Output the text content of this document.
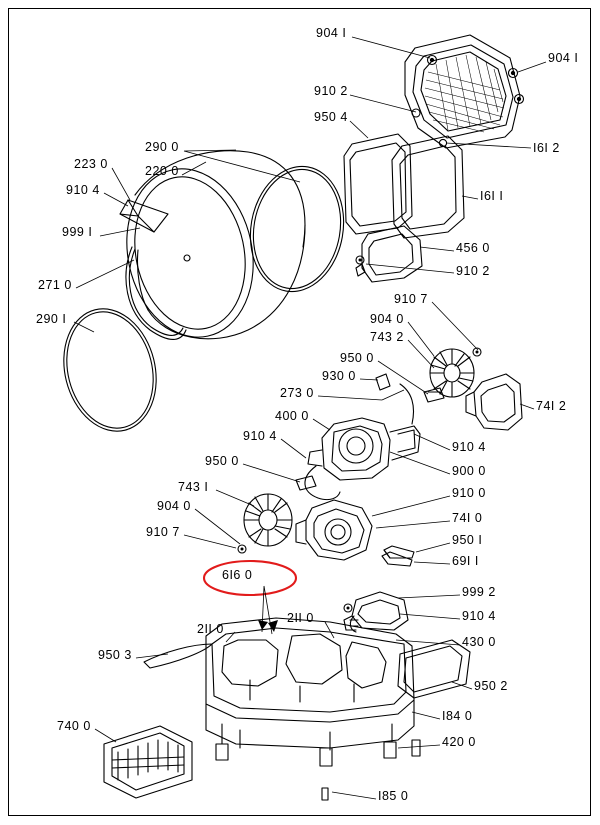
904 I
904 I
910 2
950 4
I6I 2
290 0
223 0	220 0
910 4	I6I I
999 I
456 0
910 2
271 0
910 7
904 0
290 I
743 2
950 0
930 0
74I 2
273 0
400 0
910 4
910 4
900 0
950 0
910 0
743 I
74I 0
904 0
950 I
910 7
69I I
6I6 0
999 2
910 4
2II 0
2II 0
430 0
950 3
950 2
I84 0
740 0
420 0
I85 0
